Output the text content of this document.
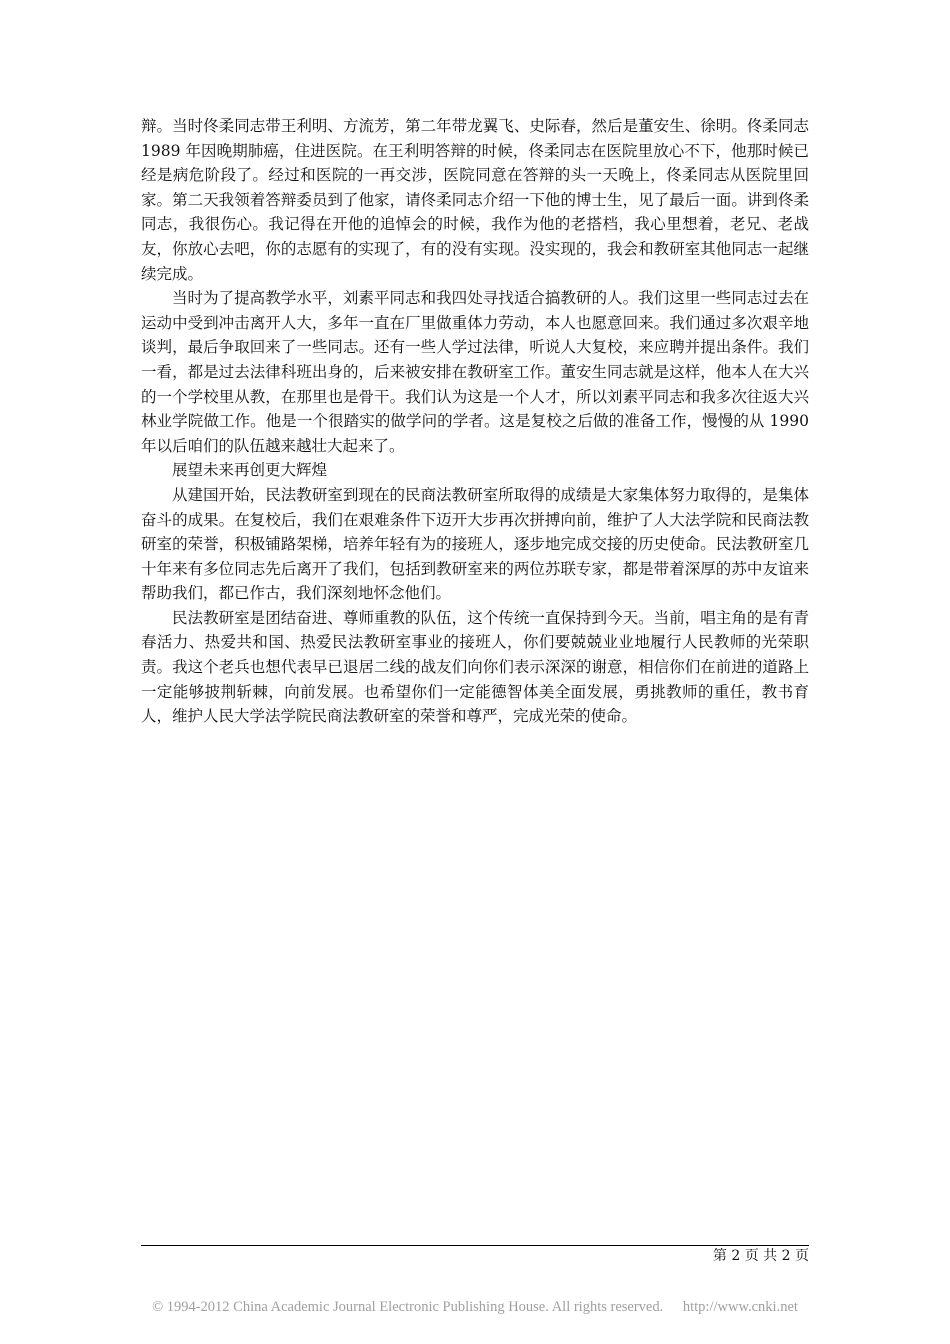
辩。当时佟柔同志带王利明、方流芳，第二年带龙翼飞、史际春，然后是董安生、徐明。佟柔同志 1989 年因晚期肺癌，住进医院。在王利明答辩的时候，佟柔同志在医院里放心不下，他那时候已经是病危阶段了。经过和医院的一再交涉，医院同意在答辩的头一天晚上，佟柔同志从医院里回家。第二天我领着答辩委员到了他家，请佟柔同志介绍一下他的博士生，见了最后一面。讲到佟柔同志，我很伤心。我记得在开他的追悼会的时候，我作为他的老搭档，我心里想着，老兄、老战友，你放心去吧，你的志愿有的实现了，有的没有实现。没实现的，我会和教研室其他同志一起继续完成。

当时为了提高教学水平，刘素平同志和我四处寻找适合搞教研的人。我们这里一些同志过去在运动中受到冲击离开人大，多年一直在厂里做重体力劳动，本人也愿意回来。我们通过多次艰辛地谈判，最后争取回来了一些同志。还有一些人学过法律，听说人大复校，来应聘并提出条件。我们一看，都是过去法律科班出身的，后来被安排在教研室工作。董安生同志就是这样，他本人在大兴的一个学校里从教，在那里也是骨干。我们认为这是一个人才，所以刘素平同志和我多次往返大兴林业学院做工作。他是一个很踏实的做学问的学者。这是复校之后做的准备工作，慢慢的从 1990 年以后咱们的队伍越来越壮大起来了。

展望未来再创更大辉煌

从建国开始，民法教研室到现在的民商法教研室所取得的成绩是大家集体努力取得的，是集体奋斗的成果。在复校后，我们在艰难条件下迈开大步再次拼搏向前，维护了人大法学院和民商法教研室的荣誉，积极铺路架梯，培养年轻有为的接班人，逐步地完成交接的历史使命。民法教研室几十年来有多位同志先后离开了我们，包括到教研室来的两位苏联专家，都是带着深厚的苏中友谊来帮助我们，都已作古，我们深刻地怀念他们。

民法教研室是团结奋进、尊师重教的队伍，这个传统一直保持到今天。当前，唱主角的是有青春活力、热爱共和国、热爱民法教研室事业的接班人，你们要兢兢业业地履行人民教师的光荣职责。我这个老兵也想代表早已退居二线的战友们向你们表示深深的谢意，相信你们在前进的道路上一定能够披荆斩棘，向前发展。也希望你们一定能德智体美全面发展，勇挑教师的重任，教书育人，维护人民大学法学院民商法教研室的荣誉和尊严，完成光荣的使命。

第 2 页 共 2 页
© 1994-2012 China Academic Journal Electronic Publishing House. All rights reserved. http://www.cnki.net
